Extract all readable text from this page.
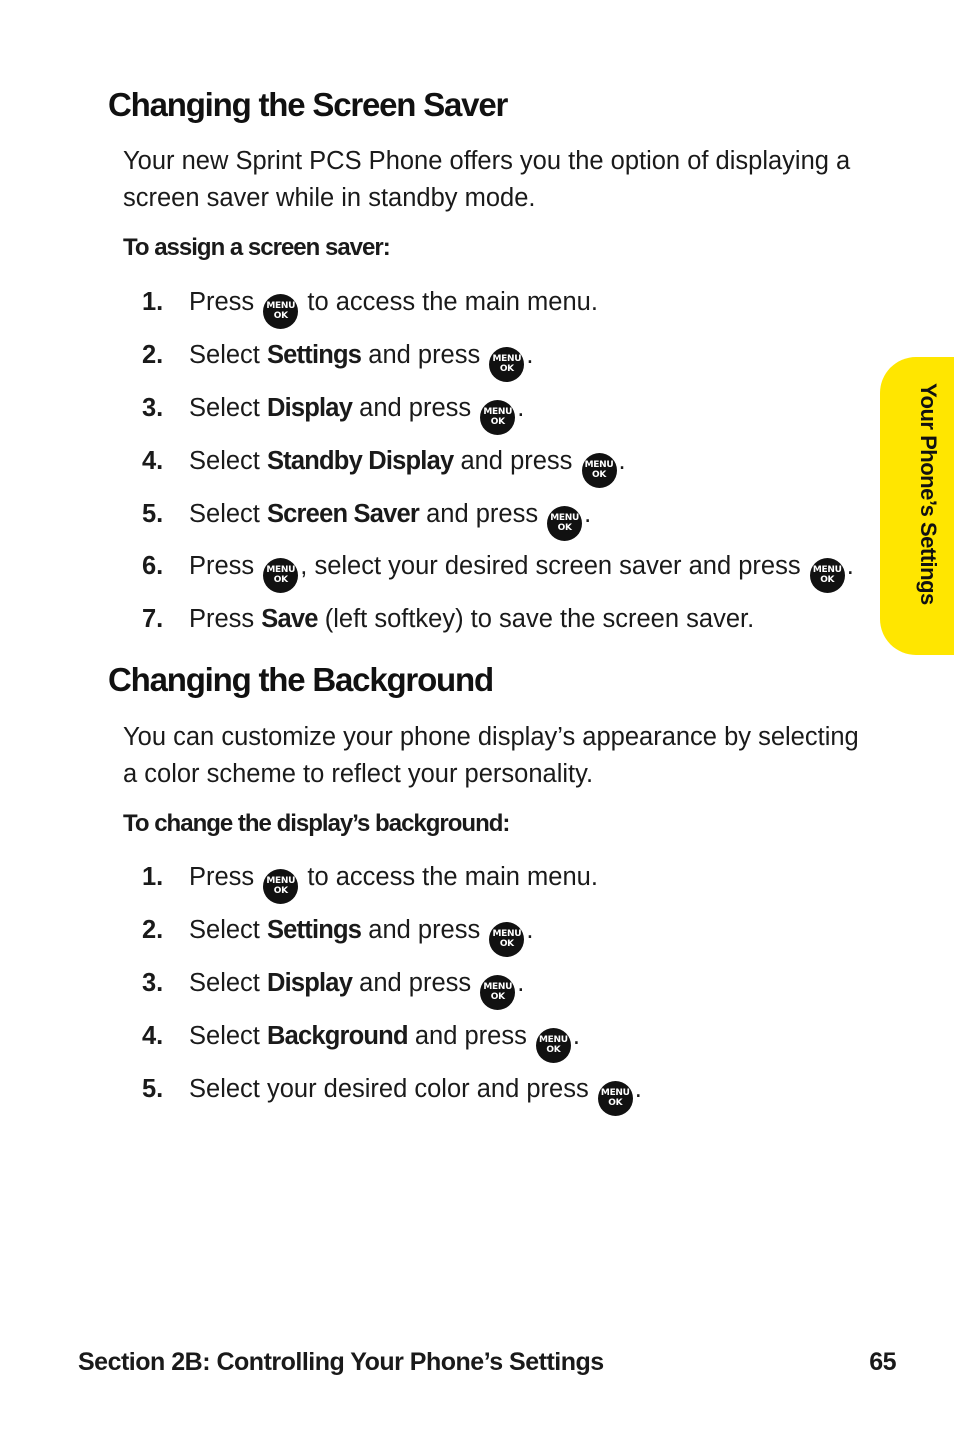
Changing the Screen Saver

Your new Sprint PCS Phone offers you the option of displaying a screen saver while in standby mode.

To assign a screen saver:

1.	Press MENU
OK to access the main menu.
2.	Select Settings and press MENU
OK .
3.	Select Display and press MENU
OK .
4.	Select Standby Display and press MENU
OK .
5.	Select Screen Saver and press MENU
OK .
6.	Press MENU
OK , select your desired screen saver and press MENU
OK .
7.	Press Save (left softkey) to save the screen saver.
Changing the Background

You can customize your phone display’s appearance by selecting a color scheme to reflect your personality.

To change the display’s background:

1.	Press MENU
OK to access the main menu.
2.	Select Settings and press MENU
OK .
3.	Select Display and press MENU
OK .
4.	Select Background and press MENU
OK .
5.	Select your desired color and press MENU
OK .
Your Phone’s Settings

Section 2B: Controlling Your Phone’s Settings	65
